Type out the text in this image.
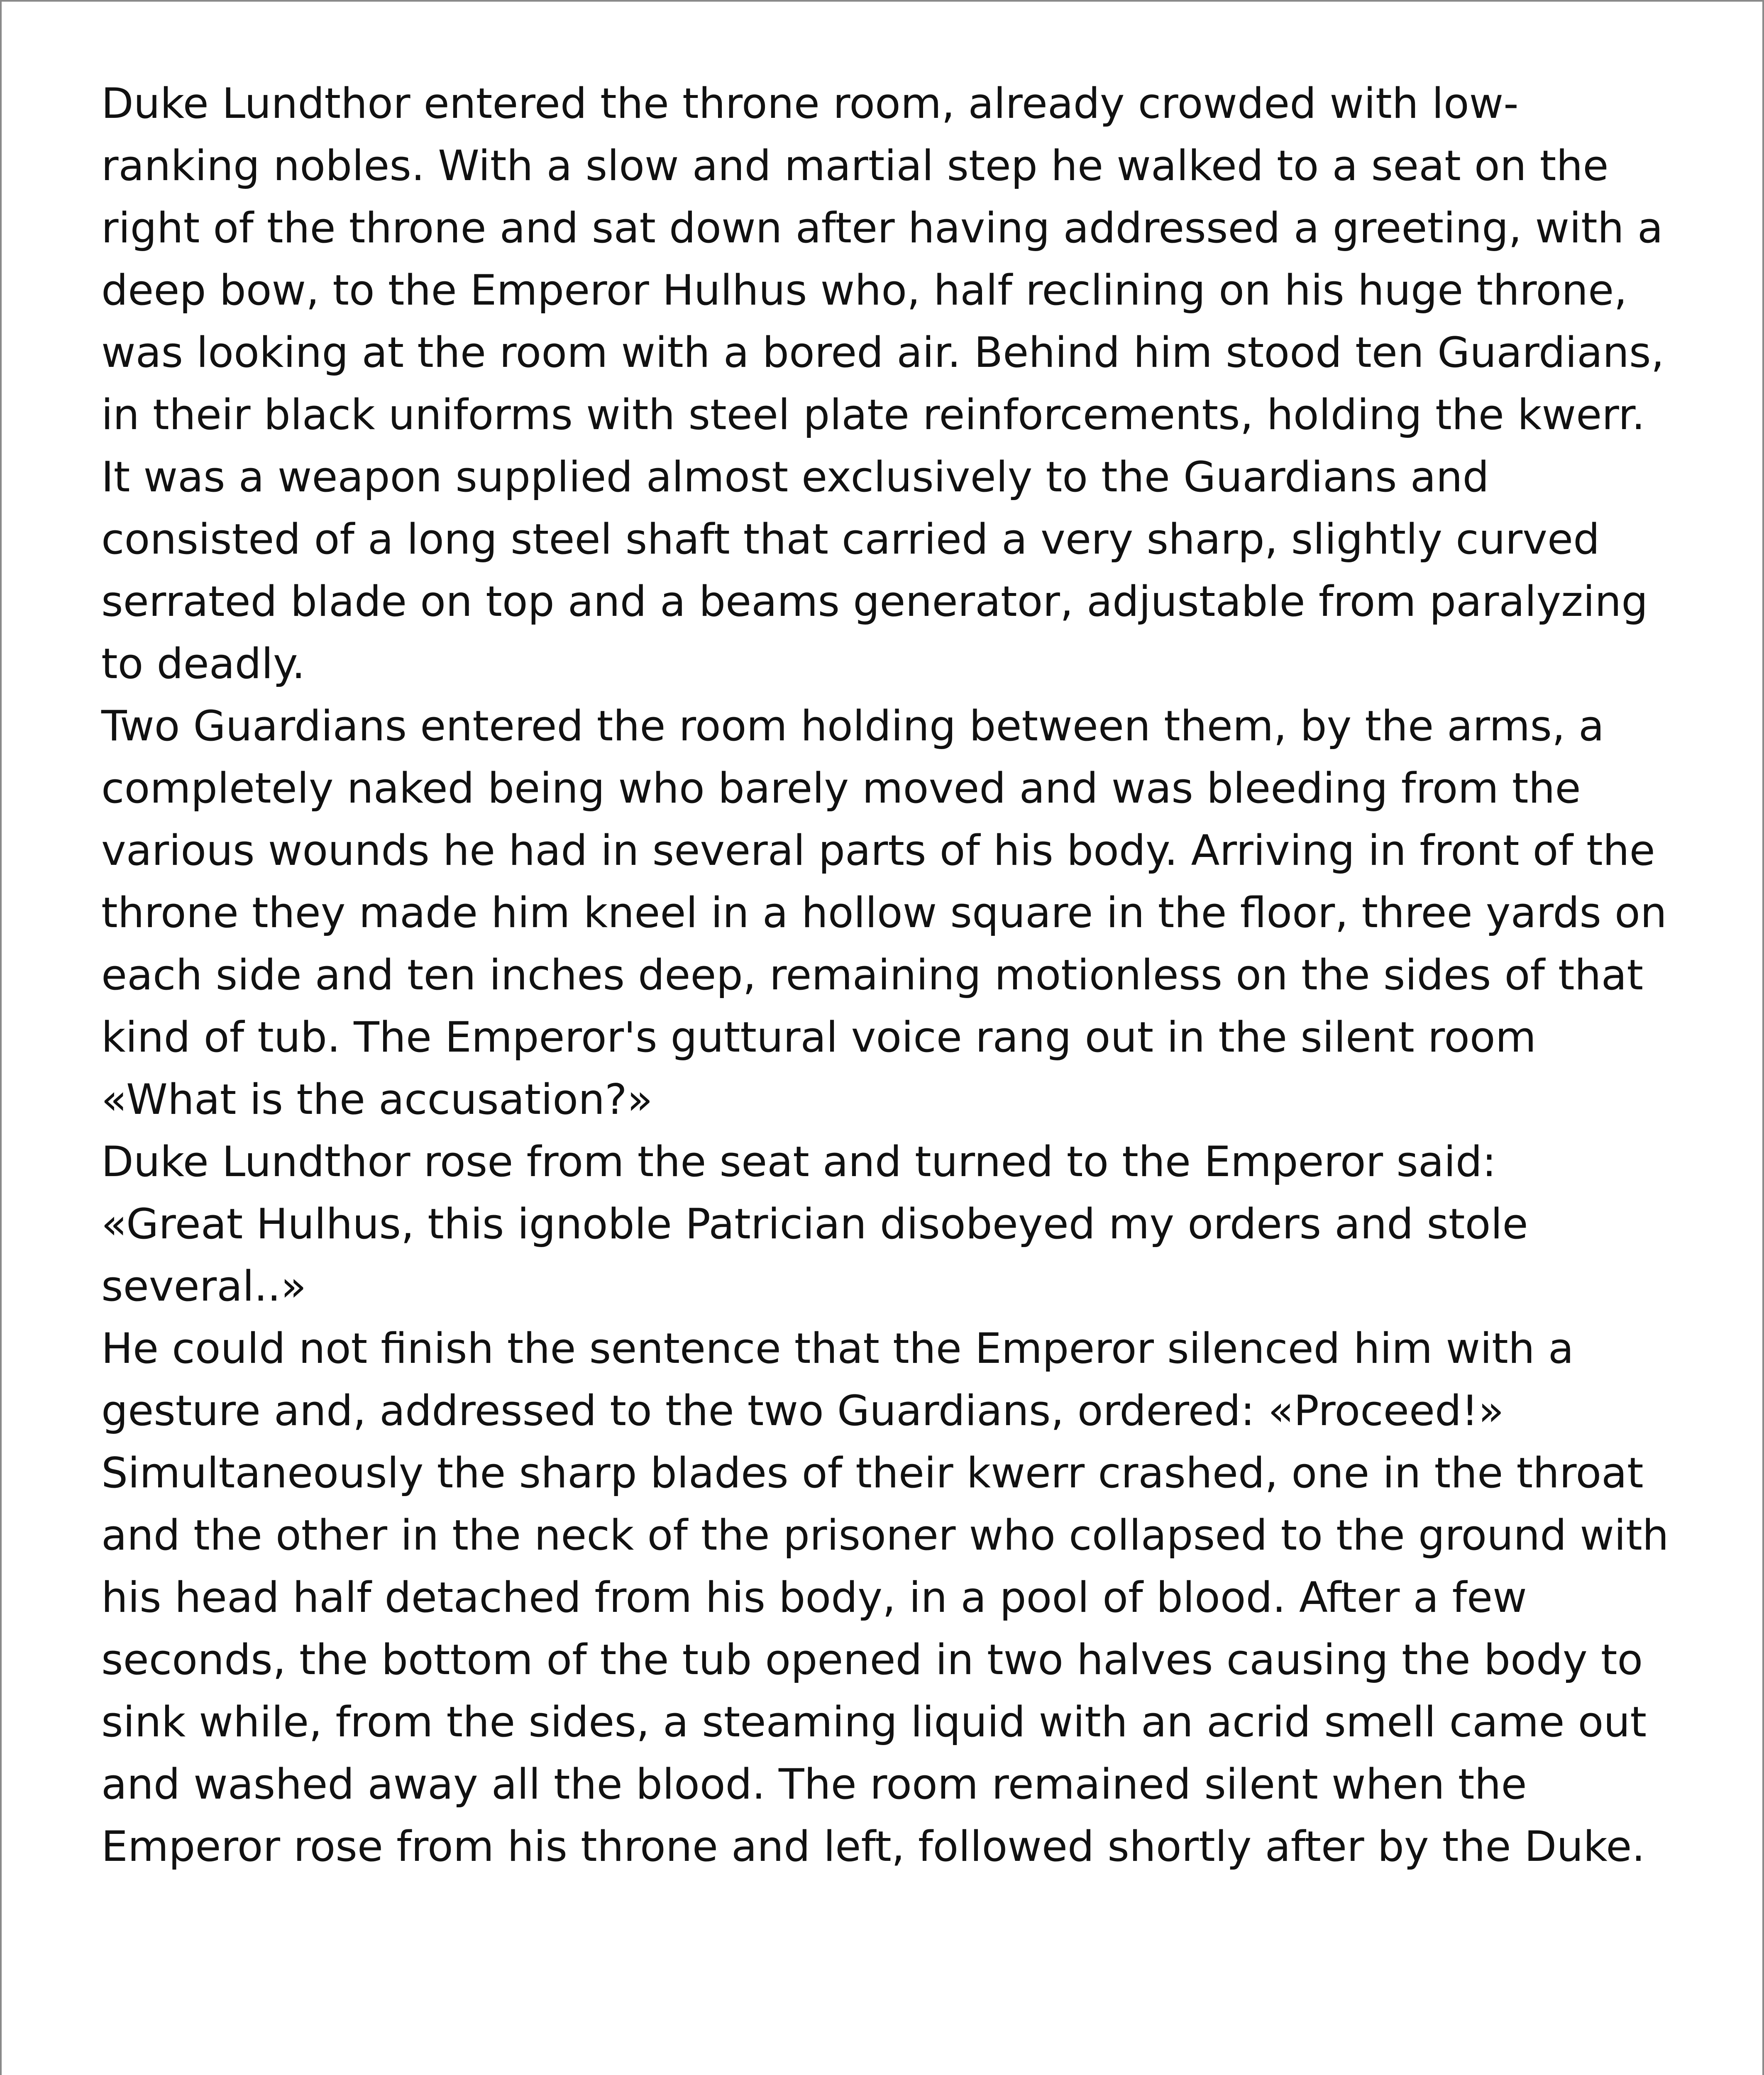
Duke Lundthor entered the throne room, already crowded with low-ranking nobles. With a slow and martial step he walked to a seat on the right of the throne and sat down after having addressed a greeting, with a deep bow, to the Emperor Hulhus who, half reclining on his huge throne, was looking at the room with a bored air. Behind him stood ten Guardians, in their black uniforms with steel plate reinforcements, holding the kwerr. It was a weapon supplied almost exclusively to the Guardians and consisted of a long steel shaft that carried a very sharp, slightly curved serrated blade on top and a beams generator, adjustable from paralyzing to deadly.

Two Guardians entered the room holding between them, by the arms, a completely naked being who barely moved and was bleeding from the various wounds he had in several parts of his body. Arriving in front of the throne they made him kneel in a hollow square in the floor, three yards on each side and ten inches deep, remaining motionless on the sides of that kind of tub. The Emperor's guttural voice rang out in the silent room

«What is the accusation?»

Duke Lundthor rose from the seat and turned to the Emperor said:

«Great Hulhus, this ignoble Patrician disobeyed my orders and stole several..»

He could not finish the sentence that the Emperor silenced him with a gesture and, addressed to the two Guardians, ordered: «Proceed!»

Simultaneously the sharp blades of their kwerr crashed, one in the throat and the other in the neck of the prisoner who collapsed to the ground with his head half detached from his body, in a pool of blood. After a few seconds, the bottom of the tub opened in two halves causing the body to sink while, from the sides, a steaming liquid with an acrid smell came out and washed away all the blood. The room remained silent when the Emperor rose from his throne and left, followed shortly after by the Duke.
